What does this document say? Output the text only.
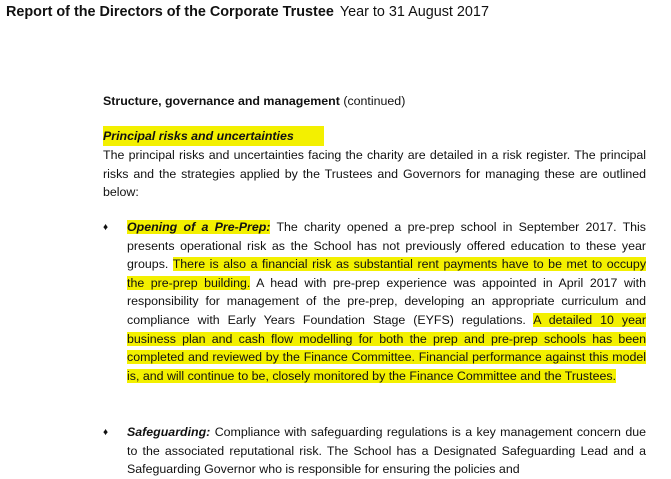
Report of the Directors of the Corporate Trustee Year to 31 August 2017
Structure, governance and management (continued)
Principal risks and uncertainties
The principal risks and uncertainties facing the charity are detailed in a risk register. The principal risks and the strategies applied by the Trustees and Governors for managing these are outlined below:
♦ Opening of a Pre-Prep: The charity opened a pre-prep school in September 2017. This presents operational risk as the School has not previously offered education to these year groups. There is also a financial risk as substantial rent payments have to be met to occupy the pre-prep building. A head with pre-prep experience was appointed in April 2017 with responsibility for management of the pre-prep, developing an appropriate curriculum and compliance with Early Years Foundation Stage (EYFS) regulations. A detailed 10 year business plan and cash flow modelling for both the prep and pre-prep schools has been completed and reviewed by the Finance Committee. Financial performance against this model is, and will continue to be, closely monitored by the Finance Committee and the Trustees.
♦ Safeguarding: Compliance with safeguarding regulations is a key management concern due to the associated reputational risk. The School has a Designated Safeguarding Lead and a Safeguarding Governor who is responsible for ensuring the policies and
